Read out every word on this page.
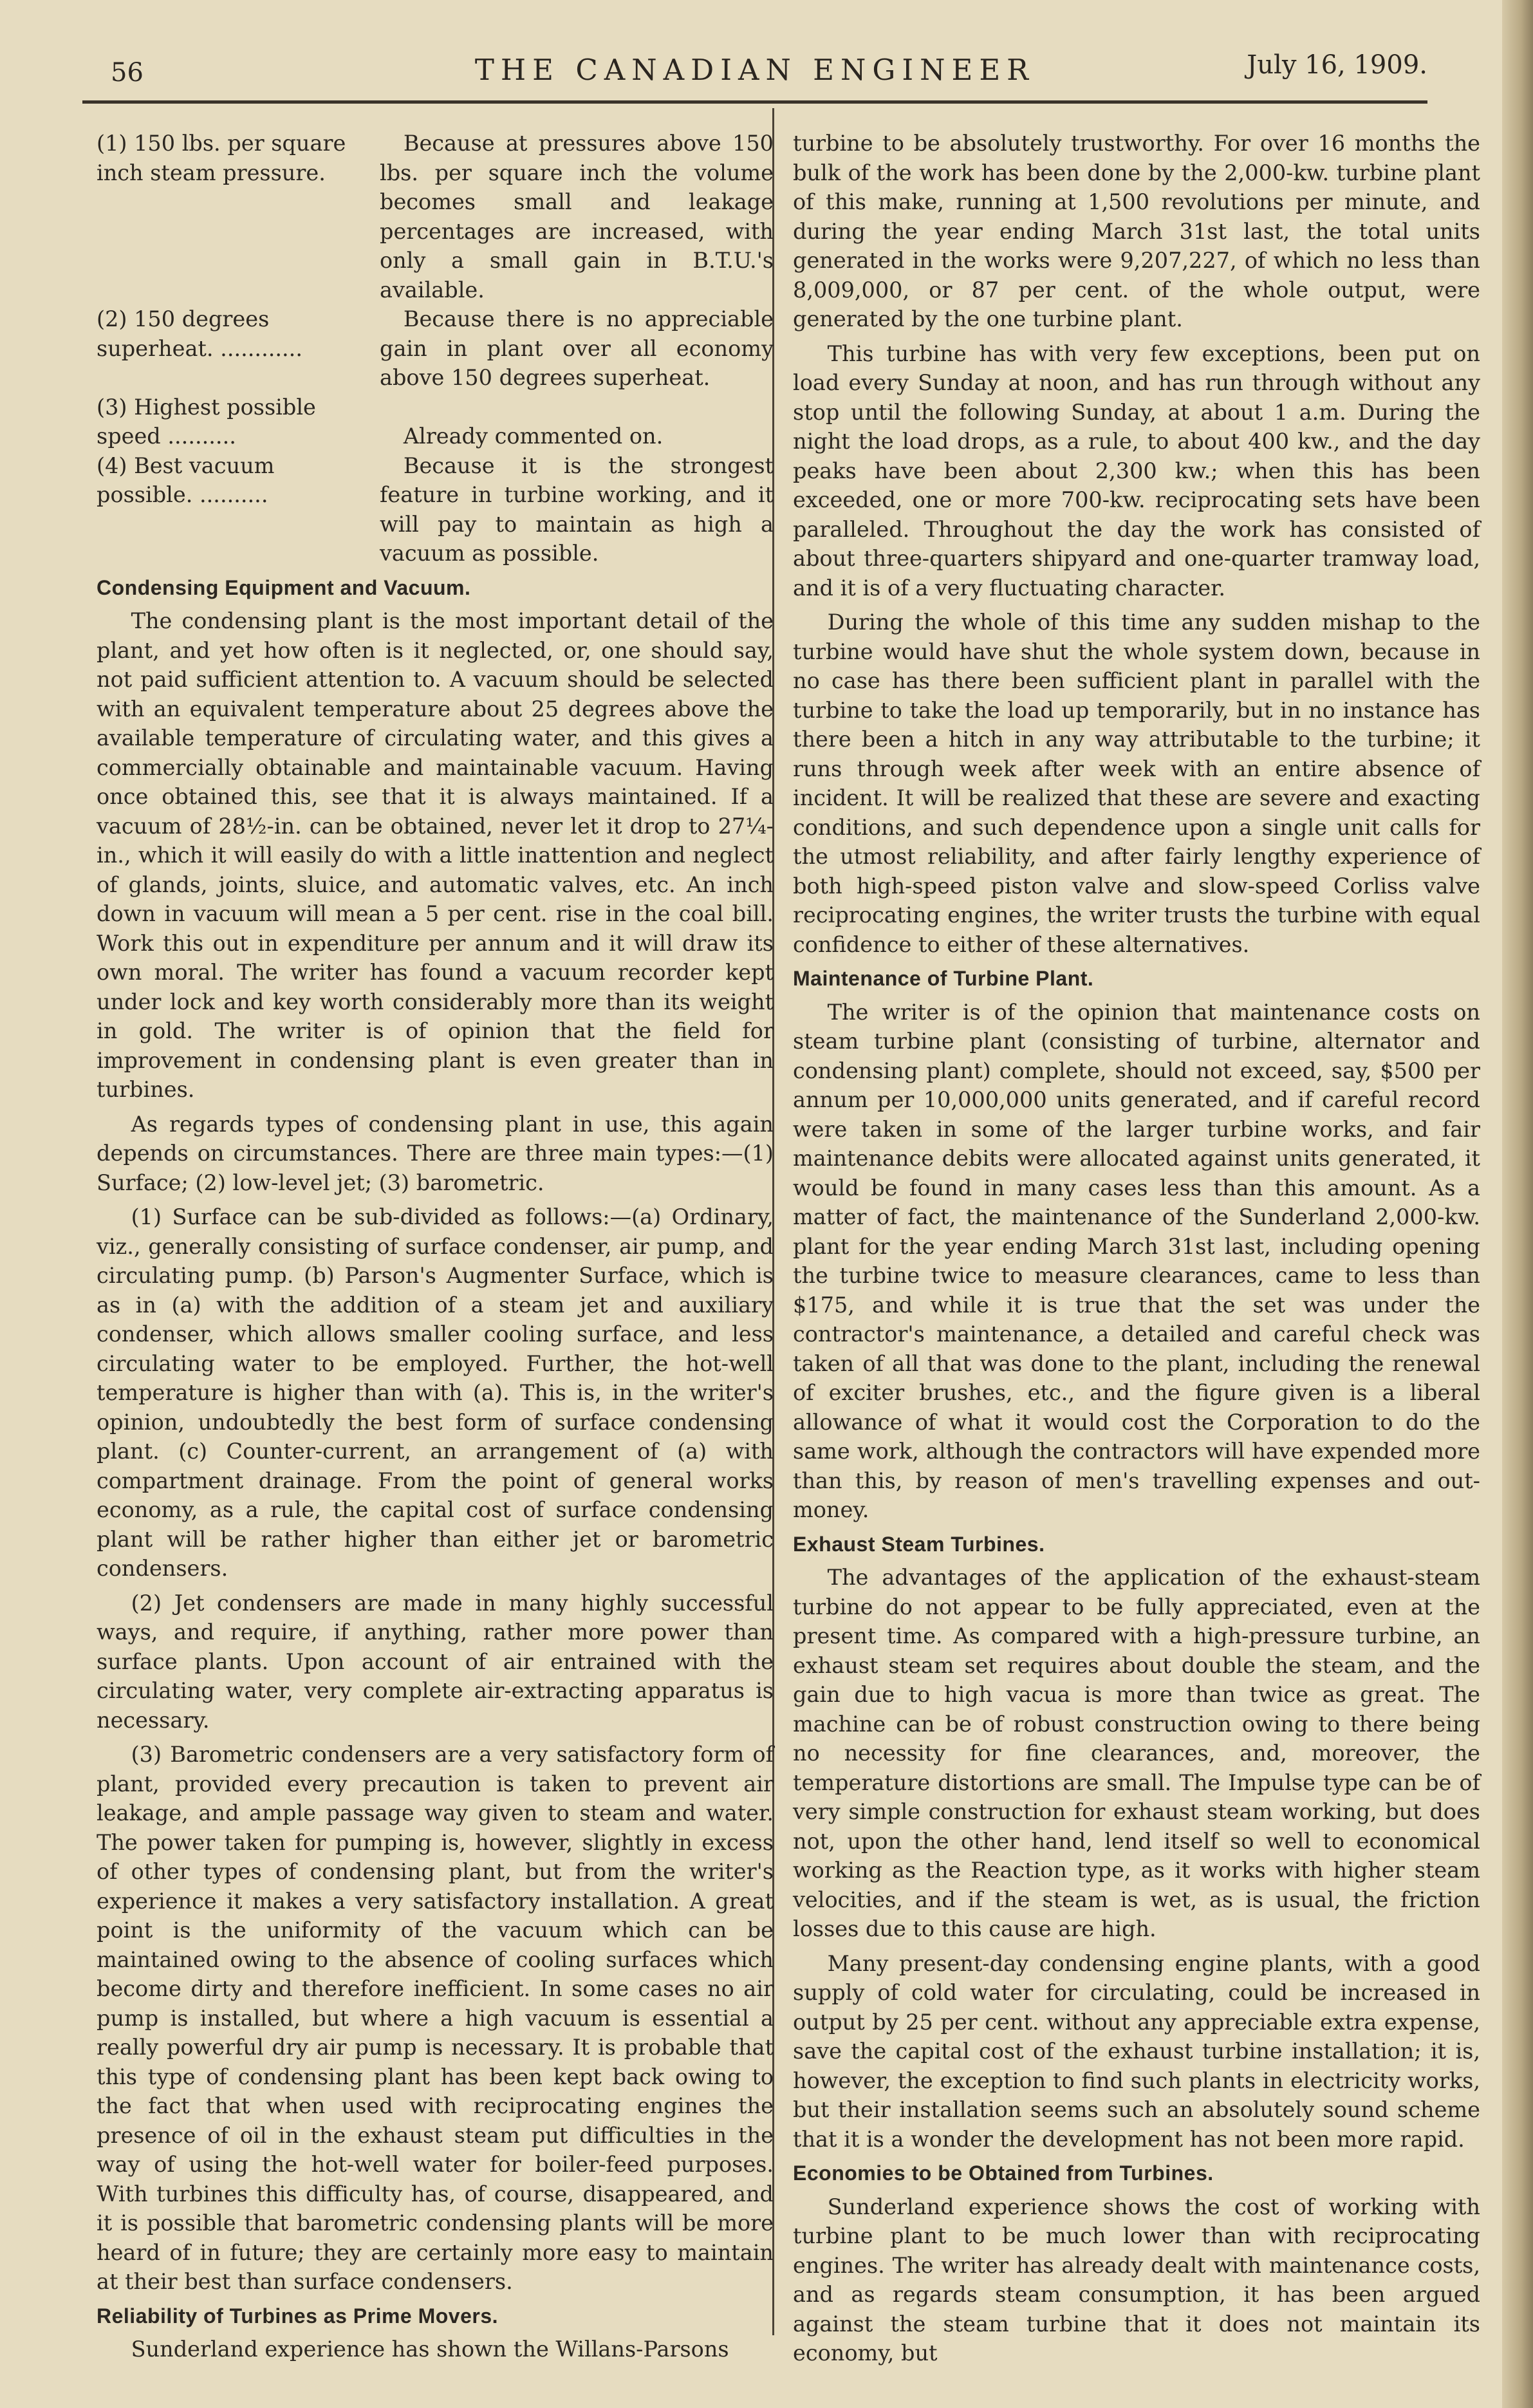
56	THE CANADIAN ENGINEER	July 16, 1909.
(1) 150 lbs. per square inch steam pressure.	Because at pressures above 150 lbs. per square inch the volume becomes small and leakage percentages are increased, with only a small gain in B.T.U.'s available.

(2) 150 degrees superheat. ............	Because there is no appreciable gain in plant over all economy above 150 degrees superheat.

(3) Highest possible speed ..........	Already commented on.

(4) Best vacuum possible. ..........	Because it is the strongest feature in turbine working, and it will pay to maintain as high a vacuum as possible.

Condensing Equipment and Vacuum.

The condensing plant is the most important detail of the plant, and yet how often is it neglected, or, one should say, not paid sufficient attention to. A vacuum should be selected with an equivalent temperature about 25 degrees above the available temperature of circulating water, and this gives a commercially obtainable and maintainable vacuum. Having once obtained this, see that it is always maintained. If a vacuum of 28½-in. can be obtained, never let it drop to 27¼-in., which it will easily do with a little inattention and neglect of glands, joints, sluice, and automatic valves, etc. An inch down in vacuum will mean a 5 per cent. rise in the coal bill. Work this out in expenditure per annum and it will draw its own moral. The writer has found a vacuum recorder kept under lock and key worth considerably more than its weight in gold. The writer is of opinion that the field for improvement in condensing plant is even greater than in turbines.

As regards types of condensing plant in use, this again depends on circumstances. There are three main types:—(1) Surface; (2) low-level jet; (3) barometric.

(1) Surface can be sub-divided as follows:—(a) Ordinary, viz., generally consisting of surface condenser, air pump, and circulating pump. (b) Parson's Augmenter Surface, which is as in (a) with the addition of a steam jet and auxiliary condenser, which allows smaller cooling surface, and less circulating water to be employed. Further, the hot-well temperature is higher than with (a). This is, in the writer's opinion, undoubtedly the best form of surface condensing plant. (c) Counter-current, an arrangement of (a) with compartment drainage. From the point of general works economy, as a rule, the capital cost of surface condensing plant will be rather higher than either jet or barometric condensers.

(2) Jet condensers are made in many highly successful ways, and require, if anything, rather more power than surface plants. Upon account of air entrained with the circulating water, very complete air-extracting apparatus is necessary.

(3) Barometric condensers are a very satisfactory form of plant, provided every precaution is taken to prevent air leakage, and ample passage way given to steam and water. The power taken for pumping is, however, slightly in excess of other types of condensing plant, but from the writer's experience it makes a very satisfactory installation. A great point is the uniformity of the vacuum which can be maintained owing to the absence of cooling surfaces which become dirty and therefore inefficient. In some cases no air pump is installed, but where a high vacuum is essential a really powerful dry air pump is necessary. It is probable that this type of condensing plant has been kept back owing to the fact that when used with reciprocating engines the presence of oil in the exhaust steam put difficulties in the way of using the hot-well water for boiler-feed purposes. With turbines this difficulty has, of course, disappeared, and it is possible that barometric condensing plants will be more heard of in future; they are certainly more easy to maintain at their best than surface condensers.

Reliability of Turbines as Prime Movers.

Sunderland experience has shown the Willans-Parsons

turbine to be absolutely trustworthy. For over 16 months the bulk of the work has been done by the 2,000-kw. turbine plant of this make, running at 1,500 revolutions per minute, and during the year ending March 31st last, the total units generated in the works were 9,207,227, of which no less than 8,009,000, or 87 per cent. of the whole output, were generated by the one turbine plant.

This turbine has with very few exceptions, been put on load every Sunday at noon, and has run through without any stop until the following Sunday, at about 1 a.m. During the night the load drops, as a rule, to about 400 kw., and the day peaks have been about 2,300 kw.; when this has been exceeded, one or more 700-kw. reciprocating sets have been paralleled. Throughout the day the work has consisted of about three-quarters shipyard and one-quarter tramway load, and it is of a very fluctuating character.

During the whole of this time any sudden mishap to the turbine would have shut the whole system down, because in no case has there been sufficient plant in parallel with the turbine to take the load up temporarily, but in no instance has there been a hitch in any way attributable to the turbine; it runs through week after week with an entire absence of incident. It will be realized that these are severe and exacting conditions, and such dependence upon a single unit calls for the utmost reliability, and after fairly lengthy experience of both high-speed piston valve and slow-speed Corliss valve reciprocating engines, the writer trusts the turbine with equal confidence to either of these alternatives.

Maintenance of Turbine Plant.

The writer is of the opinion that maintenance costs on steam turbine plant (consisting of turbine, alternator and condensing plant) complete, should not exceed, say, $500 per annum per 10,000,000 units generated, and if careful record were taken in some of the larger turbine works, and fair maintenance debits were allocated against units generated, it would be found in many cases less than this amount. As a matter of fact, the maintenance of the Sunderland 2,000-kw. plant for the year ending March 31st last, including opening the turbine twice to measure clearances, came to less than $175, and while it is true that the set was under the contractor's maintenance, a detailed and careful check was taken of all that was done to the plant, including the renewal of exciter brushes, etc., and the figure given is a liberal allowance of what it would cost the Corporation to do the same work, although the contractors will have expended more than this, by reason of men's travelling expenses and out-money.

Exhaust Steam Turbines.

The advantages of the application of the exhaust-steam turbine do not appear to be fully appreciated, even at the present time. As compared with a high-pressure turbine, an exhaust steam set requires about double the steam, and the gain due to high vacua is more than twice as great. The machine can be of robust construction owing to there being no necessity for fine clearances, and, moreover, the temperature distortions are small. The Impulse type can be of very simple construction for exhaust steam working, but does not, upon the other hand, lend itself so well to economical working as the Reaction type, as it works with higher steam velocities, and if the steam is wet, as is usual, the friction losses due to this cause are high.

Many present-day condensing engine plants, with a good supply of cold water for circulating, could be increased in output by 25 per cent. without any appreciable extra expense, save the capital cost of the exhaust turbine installation; it is, however, the exception to find such plants in electricity works, but their installation seems such an absolutely sound scheme that it is a wonder the development has not been more rapid.

Economies to be Obtained from Turbines.

Sunderland experience shows the cost of working with turbine plant to be much lower than with reciprocating engines. The writer has already dealt with maintenance costs, and as regards steam consumption, it has been argued against the steam turbine that it does not maintain its economy, but
